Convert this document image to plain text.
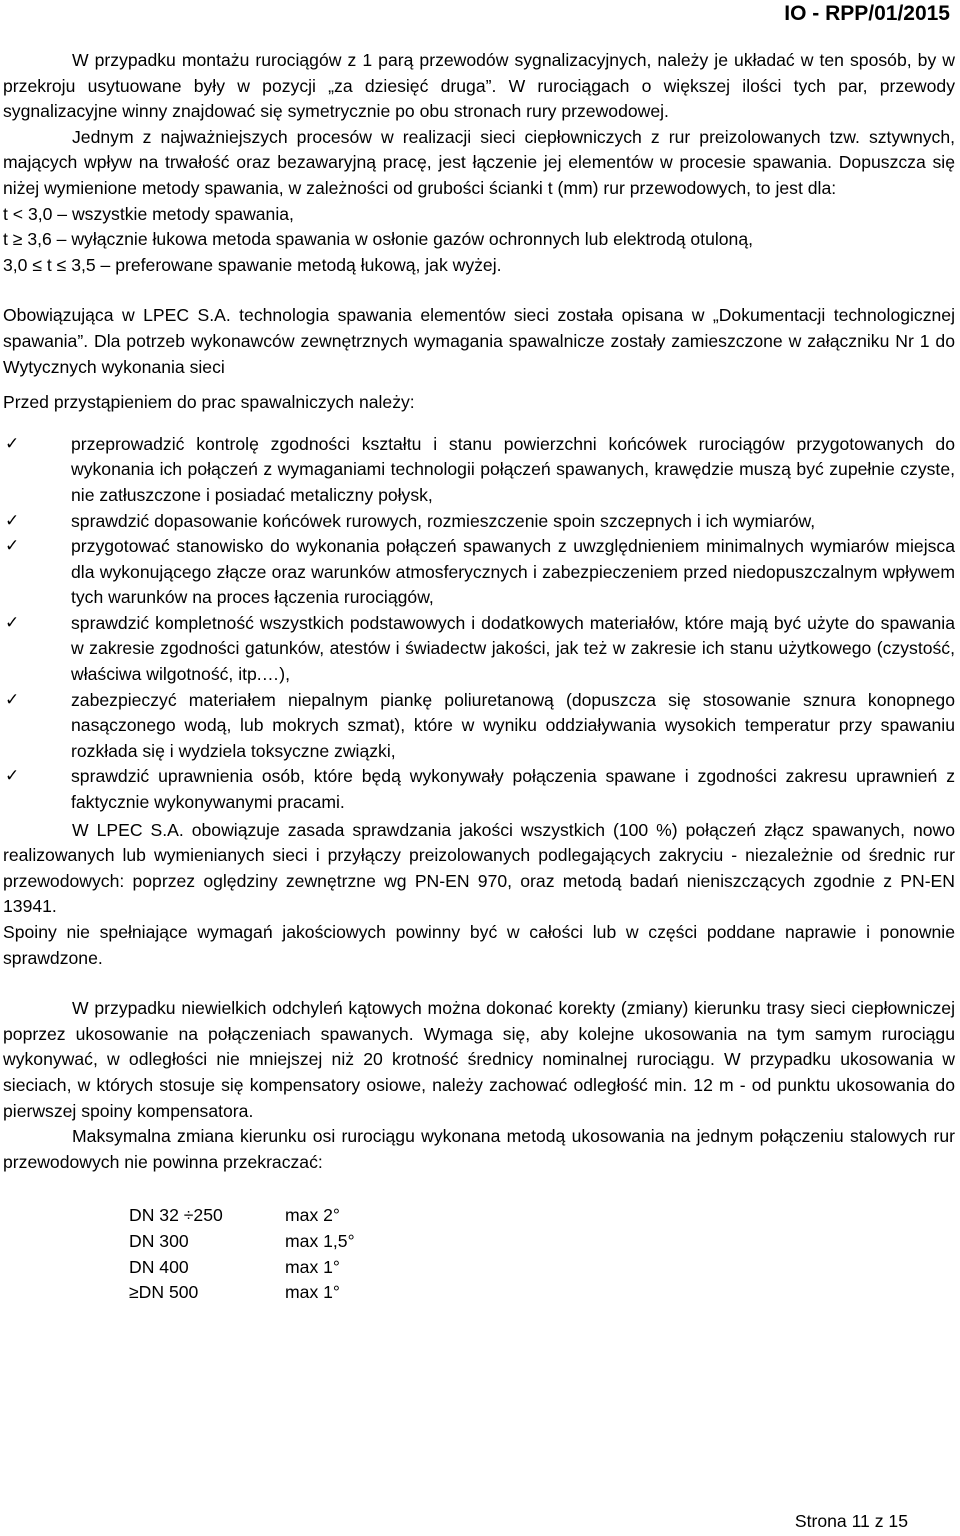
IO - RPP/01/2015

W przypadku montażu rurociągów z 1 parą przewodów sygnalizacyjnych, należy je układać w ten sposób, by w przekroju usytuowane były w pozycji „za dziesięć druga”. W rurociągach o większej ilości tych par, przewody sygnalizacyjne winny znajdować się symetrycznie po obu stronach rury przewodowej.

Jednym z najważniejszych procesów w realizacji sieci ciepłowniczych z rur preizolowanych tzw. sztywnych, mających wpływ na trwałość oraz bezawaryjną pracę, jest łączenie jej elementów w procesie spawania. Dopuszcza się niżej wymienione metody spawania, w zależności od grubości ścianki t (mm) rur przewodowych, to jest dla:

t < 3,0 – wszystkie metody spawania,

t ≥ 3,6 – wyłącznie łukowa metoda spawania w osłonie gazów ochronnych lub elektrodą otuloną,

3,0 ≤ t ≤ 3,5 – preferowane spawanie metodą łukową, jak wyżej.

Obowiązująca w LPEC S.A. technologia spawania elementów sieci została opisana w „Dokumentacji technologicznej spawania”. Dla potrzeb wykonawców zewnętrznych wymagania spawalnicze zostały zamieszczone w załączniku Nr 1 do Wytycznych wykonania sieci

Przed przystąpieniem do prac spawalniczych należy:

✓	przeprowadzić kontrolę zgodności kształtu i stanu powierzchni końcówek rurociągów przygotowanych do wykonania ich połączeń z wymaganiami technologii połączeń spawanych, krawędzie muszą być zupełnie czyste, nie zatłuszczone i posiadać metaliczny połysk,

✓	sprawdzić dopasowanie końcówek rurowych, rozmieszczenie spoin szczepnych i ich wymiarów,

✓	przygotować stanowisko do wykonania połączeń spawanych z uwzględnieniem minimalnych wymiarów miejsca dla wykonującego złącze oraz warunków atmosferycznych i zabezpieczeniem przed niedopuszczalnym wpływem tych warunków na proces łączenia rurociągów,

✓	sprawdzić kompletność wszystkich podstawowych i dodatkowych materiałów, które mają być użyte do spawania w zakresie zgodności gatunków, atestów i świadectw jakości, jak też w zakresie ich stanu użytkowego (czystość, właściwa wilgotność, itp.…),

✓	zabezpieczyć materiałem niepalnym piankę poliuretanową (dopuszcza się stosowanie sznura konopnego nasączonego wodą, lub mokrych szmat), które w wyniku oddziaływania wysokich temperatur przy spawaniu rozkłada się i wydziela toksyczne związki,

✓	sprawdzić uprawnienia osób, które będą wykonywały połączenia spawane i zgodności zakresu uprawnień z faktycznie wykonywanymi pracami.

W LPEC S.A. obowiązuje zasada sprawdzania jakości wszystkich (100 %) połączeń złącz spawanych, nowo realizowanych lub wymienianych sieci i przyłączy preizolowanych podlegających zakryciu - niezależnie od średnic rur przewodowych: poprzez oględziny zewnętrzne wg PN-EN 970, oraz metodą badań nieniszczących zgodnie z PN-EN 13941.

Spoiny nie spełniające wymagań jakościowych powinny być w całości lub w części poddane naprawie i ponownie sprawdzone.

W przypadku niewielkich odchyleń kątowych można dokonać korekty (zmiany) kierunku trasy sieci ciepłowniczej poprzez ukosowanie na połączeniach spawanych. Wymaga się, aby kolejne ukosowania na tym samym rurociągu wykonywać, w odległości nie mniejszej niż 20 krotność średnicy nominalnej rurociągu. W przypadku ukosowania w sieciach, w których stosuje się kompensatory osiowe, należy zachować odległość min. 12 m - od punktu ukosowania do pierwszej spoiny kompensatora.

Maksymalna zmiana kierunku osi rurociągu wykonana metodą ukosowania na jednym połączeniu stalowych rur przewodowych nie powinna przekraczać:

DN 32 ÷250	max 2°
DN 300	max 1,5°
DN 400	max 1°
≥DN 500	max 1°
Strona 11 z 15
